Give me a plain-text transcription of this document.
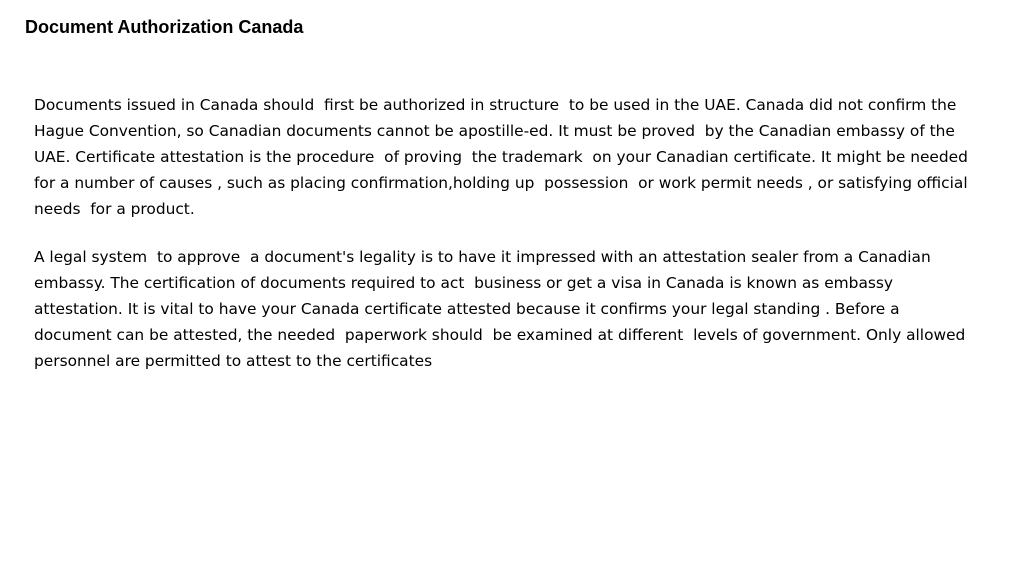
Document Authorization Canada

Documents issued in Canada should  first be authorized in structure  to be used in the UAE. Canada did not confirm the Hague Convention, so Canadian documents cannot be apostille-ed. It must be proved  by the Canadian embassy of the UAE. Certificate attestation is the procedure  of proving  the trademark  on your Canadian certificate. It might be needed  for a number of causes , such as placing confirmation,holding up  possession  or work permit needs , or satisfying official  needs  for a product.

A legal system  to approve  a document's legality is to have it impressed with an attestation sealer from a Canadian embassy. The certification of documents required to act  business or get a visa in Canada is known as embassy attestation. It is vital to have your Canada certificate attested because it confirms your legal standing . Before a document can be attested, the needed  paperwork should  be examined at different  levels of government. Only allowed  personnel are permitted to attest to the certificates
